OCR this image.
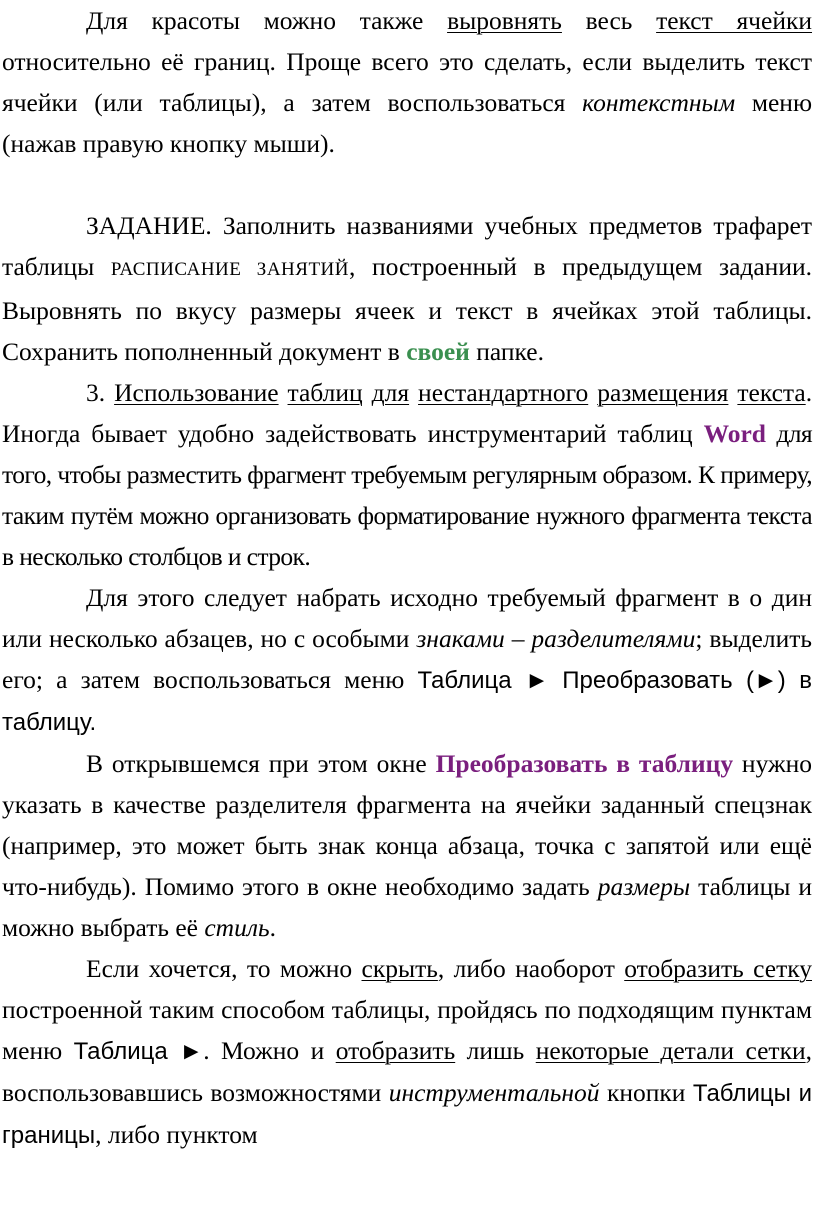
Для красоты можно также выровнять весь текст ячейки относительно её границ. Проще всего это сделать, если выделить текст ячейки (или таблицы), а затем воспользоваться контекстным меню (нажав правую кнопку мыши).

ЗАДАНИЕ. Заполнить названиями учебных предметов трафарет таблицы РАСПИСАНИЕ ЗАНЯТИЙ, построенный в предыдущем задании. Выровнять по вкусу размеры ячеек и текст в ячейках этой таблицы. Сохранить пополненный документ в своей папке.

3. Использование таблиц для нестандартного размещения текста. Иногда бывает удобно задействовать инструментарий таблиц Word для того, чтобы разместить фрагмент требуемым регулярным образом. К примеру, таким путём можно организовать форматирование нужного фрагмента текста в несколько столбцов и строк.

Для этого следует набрать исходно требуемый фрагмент в о дин или несколько абзацев, но с особыми знаками – разделителями; выделить его; а затем воспользоваться меню Таблица ► Преобразовать (►) в таблицу.

В открывшемся при этом окне Преобразовать в таблицу нужно указать в качестве разделителя фрагмента на ячейки заданный спецзнак (например, это может быть знак конца абзаца, точка с запятой или ещё что-нибудь). Помимо этого в окне необходимо задать размеры таблицы и можно выбрать её стиль.

Если хочется, то можно скрыть, либо наоборот отобразить сетку построенной таким способом таблицы, пройдясь по подходящим пунктам меню Таблица ►. Можно и отобразить лишь некоторые детали сетки, воспользовавшись возможностями инструментальной кнопки Таблицы и границы, либо пунктом
